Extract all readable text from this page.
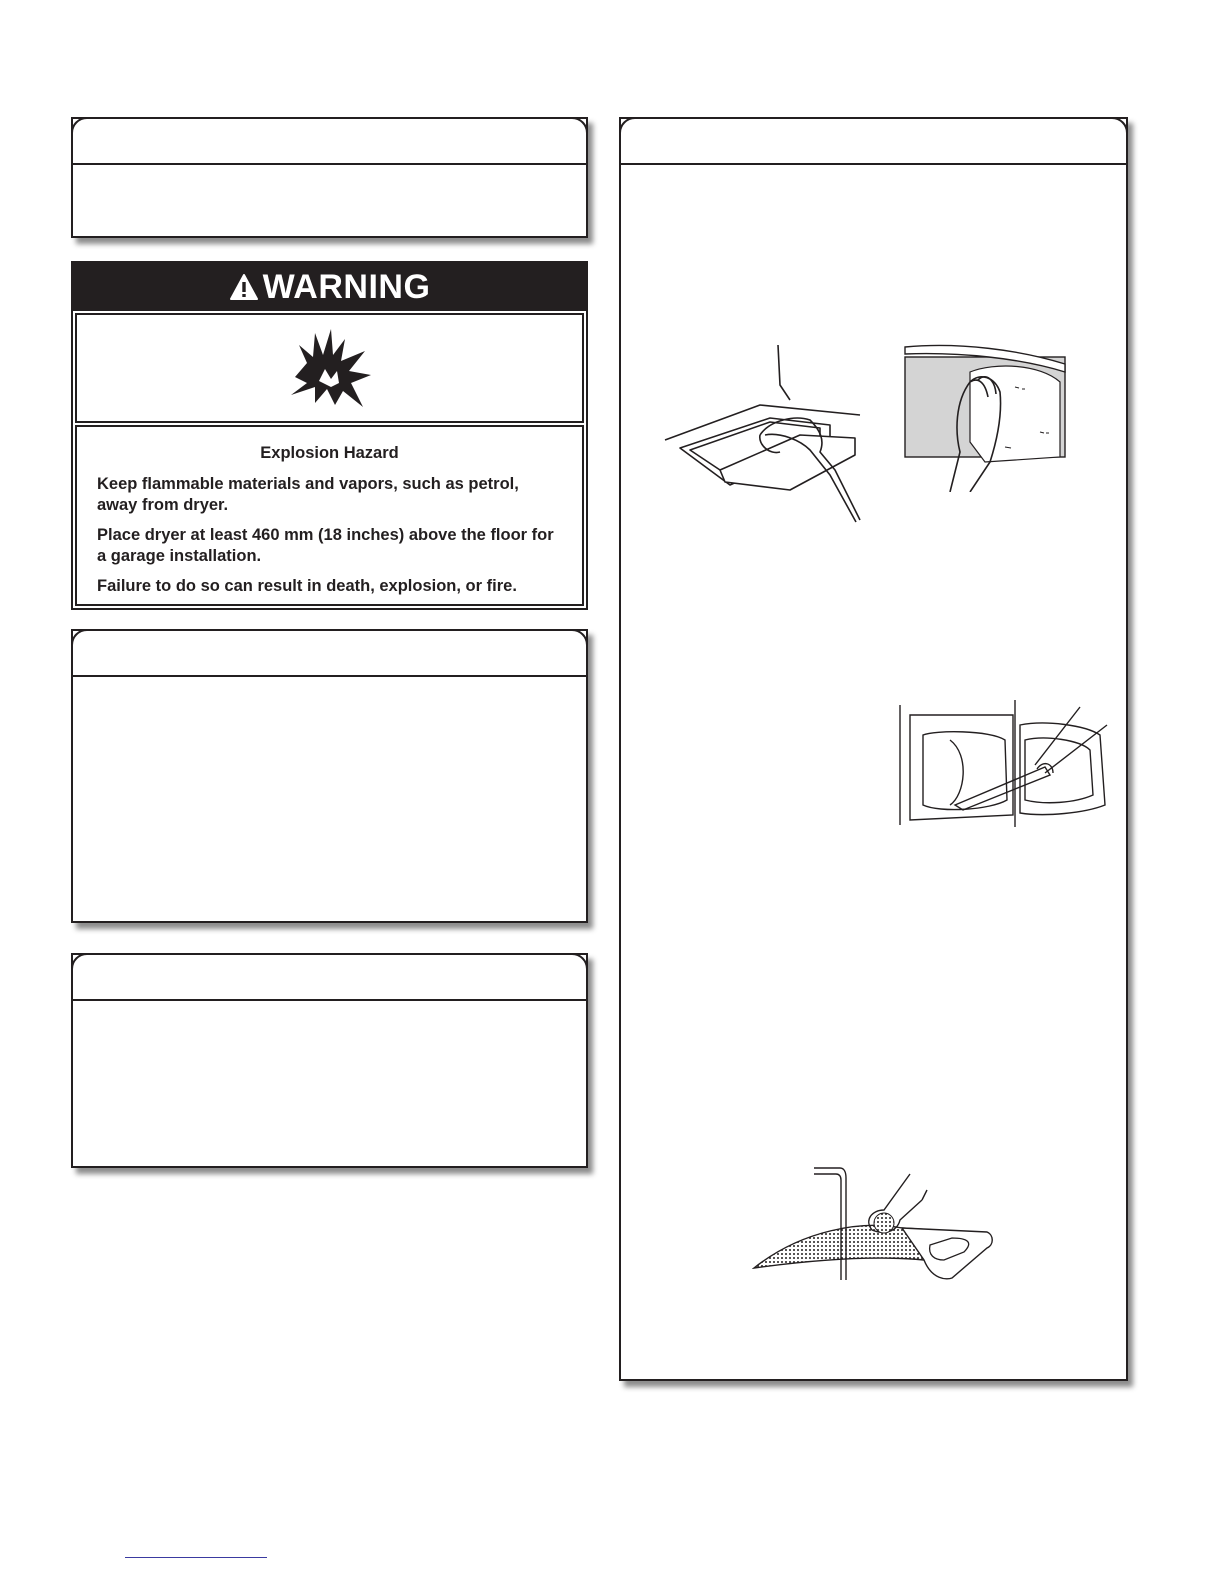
WARNING
Explosion Hazard

Keep flammable materials and vapors, such as petrol, away from dryer.

Place dryer at least 460 mm (18 inches) above the floor for a garage installation.

Failure to do so can result in death, explosion, or fire.
